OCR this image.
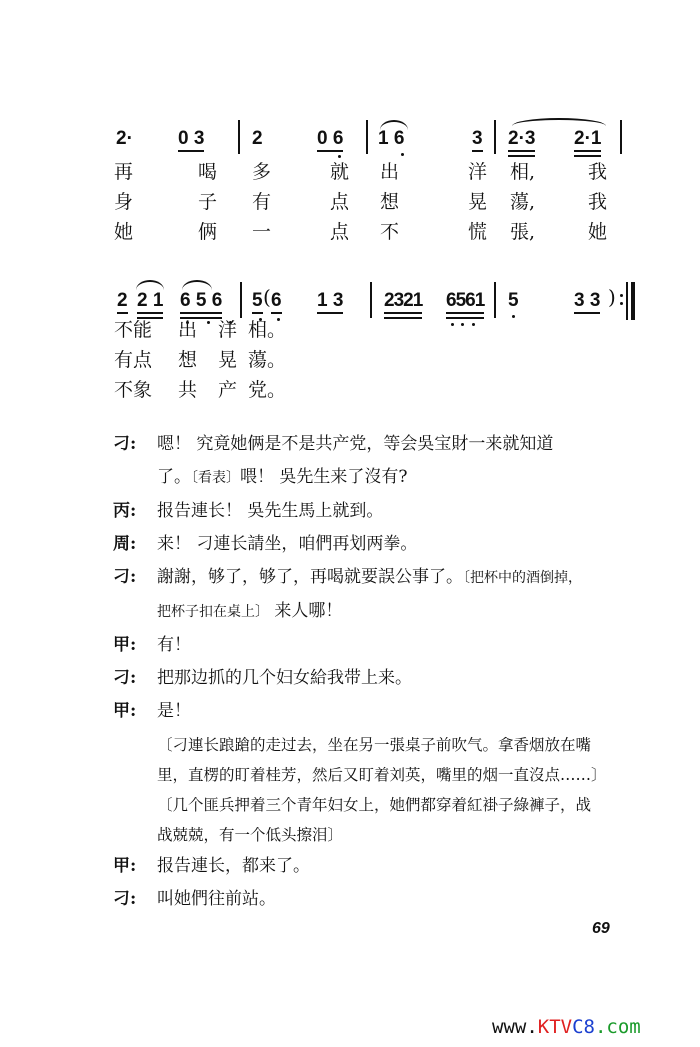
2· 0 3	2	0 6 1 6	3 2·3 2·1
再	喝 多	就 出	洋 相,	我
身	子 有	点 想	晃 蕩,	我
她	俩 一	点 不	慌 張,	她
2 2 1 6 5 6 5 ( 6 1 3 2321 6561 5	3 3 )
不能 出 洋 相。
有点 想 晃 蕩。
不象 共 产 党。
刁: 嗯！ 究竟她俩是不是共产党，等会吳宝財一来就知道
了。〔看表〕喂！ 吳先生来了沒有?
丙: 报告連长！ 吳先生馬上就到。
周: 来！ 刁連长請坐，咱們再划两拳。
刁: 謝謝，够了，够了，再喝就要誤公事了。〔把杯中的酒倒掉，
把杯子扣在桌上〕 来人哪！
甲: 有！
刁: 把那边抓的几个妇女給我带上来。
甲: 是！
〔刁連长踉蹌的走过去，坐在另一張桌子前吹气。拿香烟放在嘴
里，直楞的盯着桂芳，然后又盯着刘英，嘴里的烟一直沒点……〕
〔几个匪兵押着三个青年妇女上，她們都穿着紅褂子綠褲子，战
战兢兢，有一个低头擦泪〕
甲: 报告連长，都来了。
刁: 叫她們往前站。
69
www.KTVC8.com
